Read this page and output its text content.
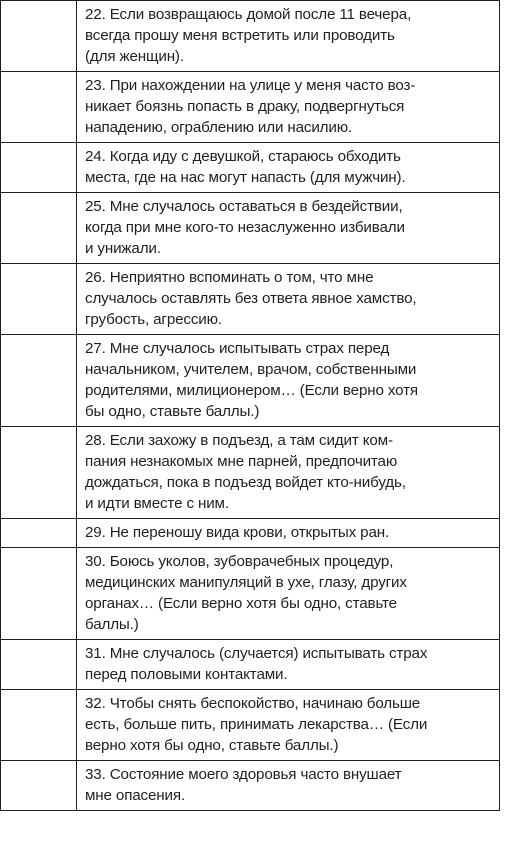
	22. Если возвращаюсь домой после 11 вечера,
всегда прошу меня встретить или проводить
(для женщин).
	23. При нахождении на улице у меня часто воз-
никает боязнь попасть в драку, подвергнуться
нападению, ограблению или насилию.
	24. Когда иду с девушкой, стараюсь обходить
места, где на нас могут напасть (для мужчин).
	25. Мне случалось оставаться в бездействии,
когда при мне кого-то незаслуженно избивали
и унижали.
	26. Неприятно вспоминать о том, что мне
случалось оставлять без ответа явное хамство,
грубость, агрессию.
	27. Мне случалось испытывать страх перед
начальником, учителем, врачом, собственными
родителями, милиционером… (Если верно хотя
бы одно, ставьте баллы.)
	28. Если захожу в подъезд, а там сидит ком-
пания незнакомых мне парней, предпочитаю
дождаться, пока в подъезд войдет кто-нибудь,
и идти вместе с ним.
	29. Не переношу вида крови, открытых ран.
	30. Боюсь уколов, зубоврачебных процедур,
медицинских манипуляций в ухе, глазу, других
органах… (Если верно хотя бы одно, ставьте
баллы.)
	31. Мне случалось (случается) испытывать страх
перед половыми контактами.
	32. Чтобы снять беспокойство, начинаю больше
есть, больше пить, принимать лекарства… (Если
верно хотя бы одно, ставьте баллы.)
	33. Состояние моего здоровья часто внушает
мне опасения.
